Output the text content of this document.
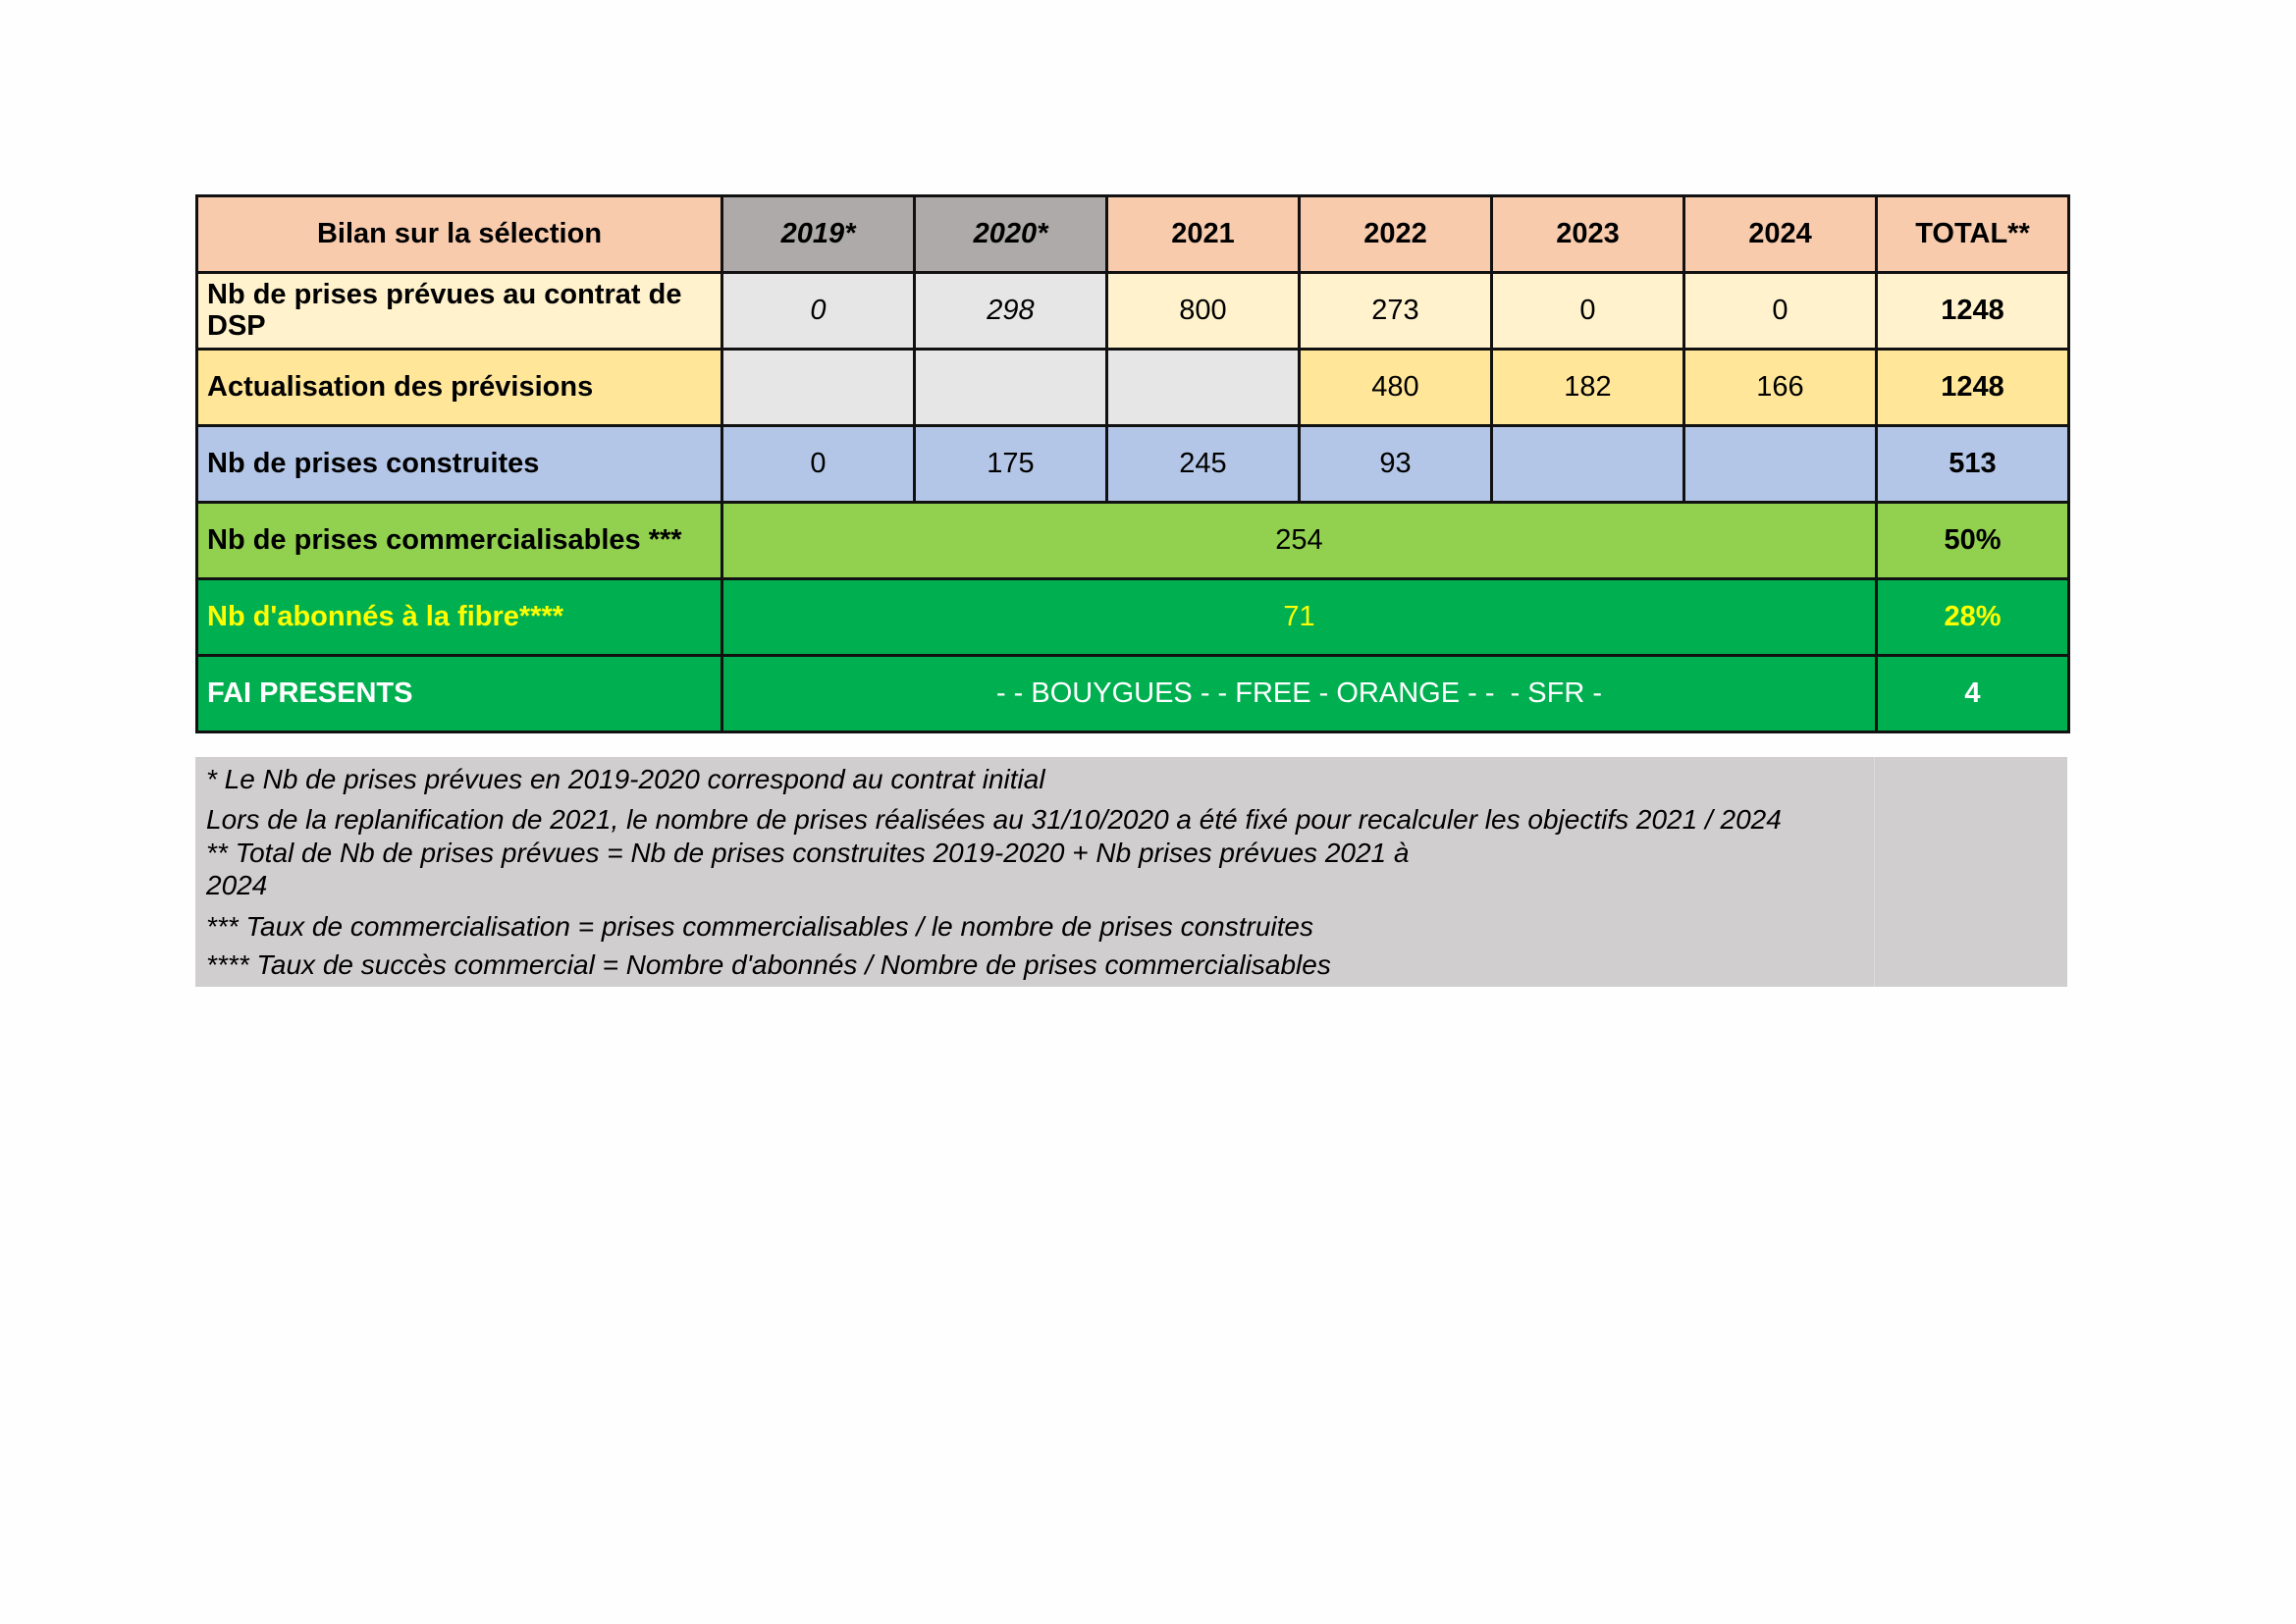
Bilan sur la sélection	2019*	2020*	2021	2022	2023	2024	TOTAL**
Nb de prises prévues au contrat de DSP	0	298	800	273	0	0	1248
Actualisation des prévisions				480	182	166	1248
Nb de prises construites	0	175	245	93			513
Nb de prises commercialisables ***	254						50%
Nb d'abonnés à la fibre****	71						28%
FAI PRESENTS	- - BOUYGUES - - FREE - ORANGE - -  - SFR -						4
* Le Nb de prises prévues en 2019-2020 correspond au contrat initial
Lors de la replanification de 2021, le nombre de prises réalisées au 31/10/2020 a été fixé pour recalculer les objectifs 2021 / 2024
** Total de Nb de prises prévues = Nb de prises construites 2019-2020 + Nb prises prévues 2021 à
2024
*** Taux de commercialisation = prises commercialisables / le nombre de prises construites
**** Taux de succès commercial = Nombre d'abonnés / Nombre de prises commercialisables
